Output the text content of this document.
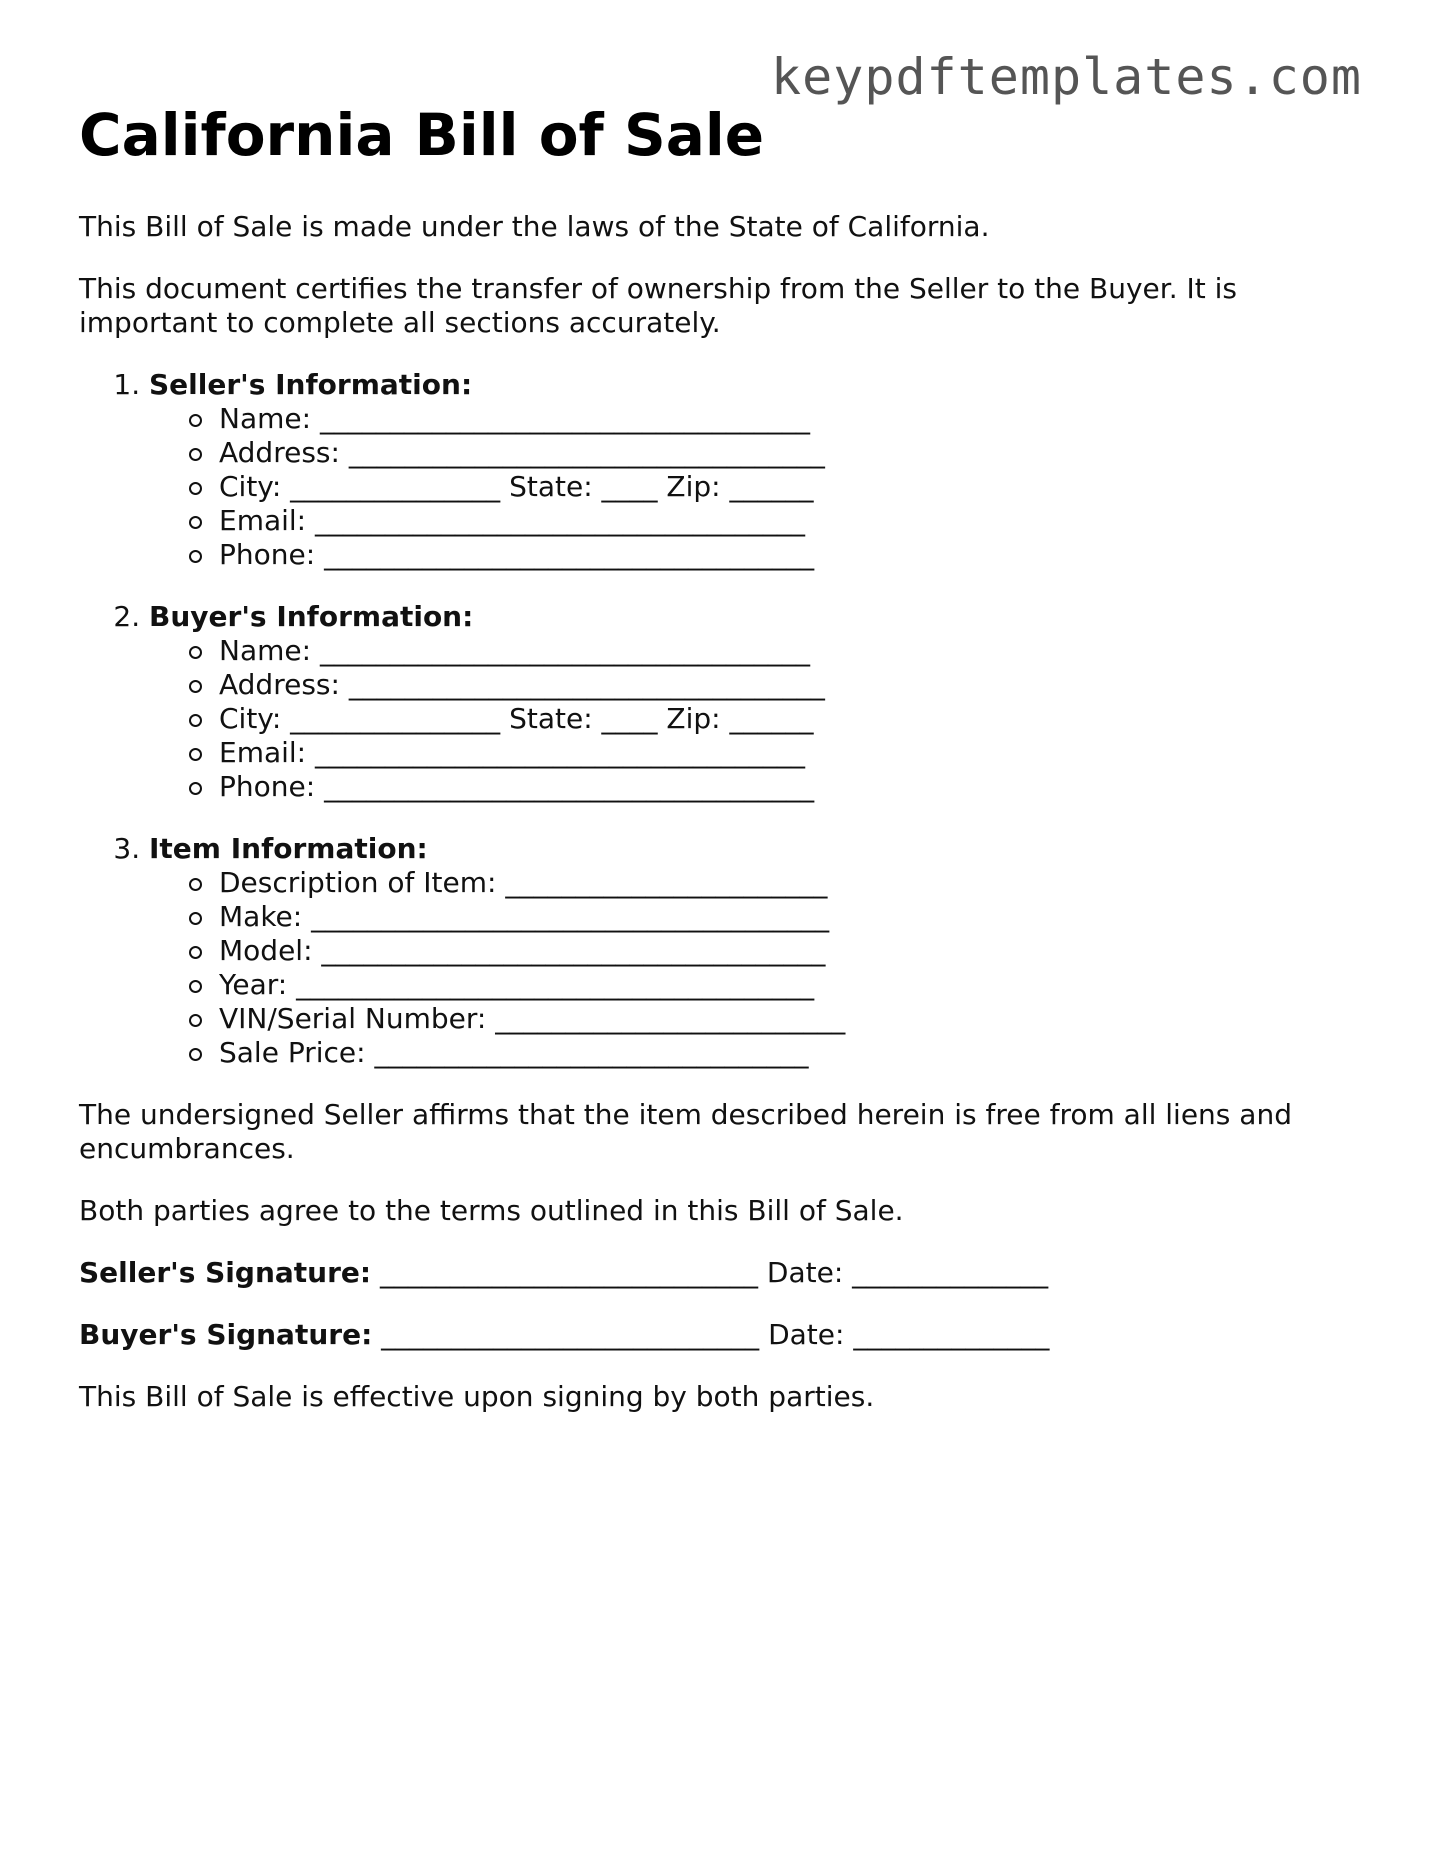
keypdftemplates.com
California Bill of Sale

This Bill of Sale is made under the laws of the State of California.

This document certifies the transfer of ownership from the Seller to the Buyer. It is important to complete all sections accurately.

1. Seller's Information:
Name: ___________________________________
Address: __________________________________
City: _______________ State: ____ Zip: ______
Email: ___________________________________
Phone: ___________________________________
2. Buyer's Information:
Name: ___________________________________
Address: __________________________________
City: _______________ State: ____ Zip: ______
Email: ___________________________________
Phone: ___________________________________
3. Item Information:
Description of Item: _______________________
Make: _____________________________________
Model: ____________________________________
Year: _____________________________________
VIN/Serial Number: _________________________
Sale Price: _______________________________

The undersigned Seller affirms that the item described herein is free from all liens and encumbrances.

Both parties agree to the terms outlined in this Bill of Sale.

Seller's Signature: ___________________________ Date: ______________
Buyer's Signature: ___________________________ Date: ______________

This Bill of Sale is effective upon signing by both parties.
